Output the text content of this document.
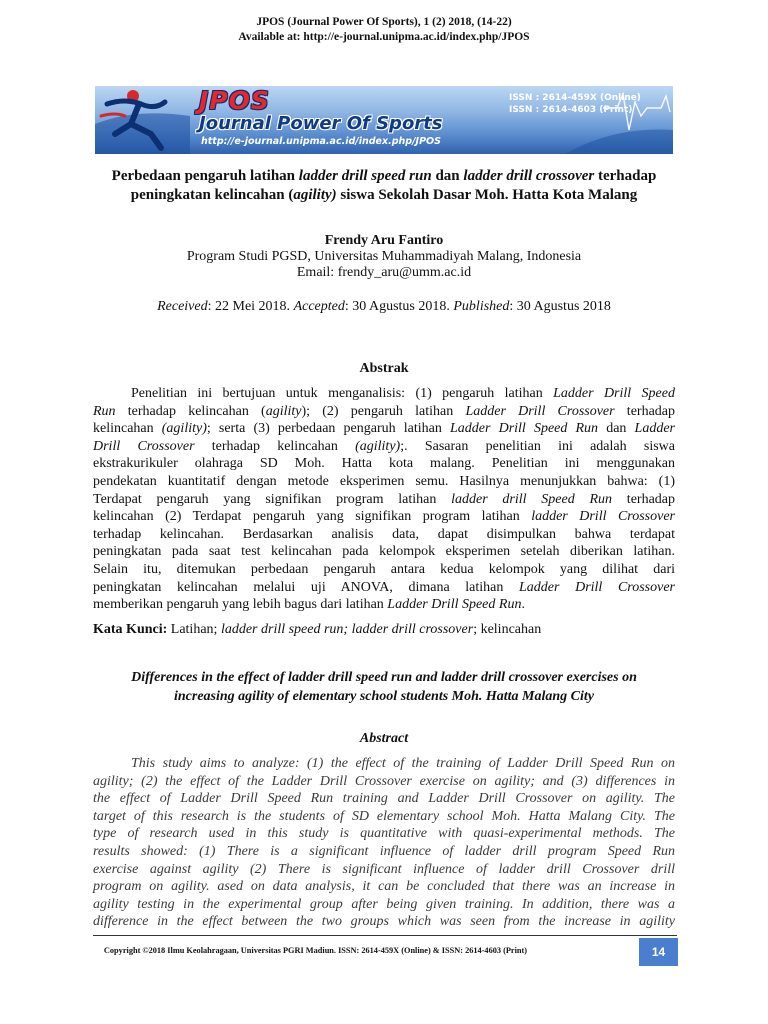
JPOS (Journal Power Of Sports), 1 (2) 2018, (14-22)
Available at: http://e-journal.unipma.ac.id/index.php/JPOS
JPOS
Journal Power Of Sports
http://e-journal.unipma.ac.id/index.php/JPOS
ISSN : 2614-459X (Online)
ISSN : 2614-4603 (Print)
Perbedaan pengaruh latihan ladder drill speed run dan ladder drill crossover terhadap
peningkatan kelincahan (agility) siswa Sekolah Dasar Moh. Hatta Kota Malang
Frendy Aru Fantiro
Program Studi PGSD, Universitas Muhammadiyah Malang, Indonesia
Email: frendy_aru@umm.ac.id
Received: 22 Mei 2018. Accepted: 30 Agustus 2018. Published: 30 Agustus 2018
Abstrak
Penelitian ini bertujuan untuk menganalisis: (1) pengaruh latihan Ladder Drill Speed
Run terhadap kelincahan (agility); (2) pengaruh latihan Ladder Drill Crossover terhadap
kelincahan (agility); serta (3) perbedaan pengaruh latihan Ladder Drill Speed Run dan Ladder
Drill Crossover terhadap kelincahan (agility);. Sasaran penelitian ini adalah siswa
ekstrakurikuler olahraga SD Moh. Hatta kota malang. Penelitian ini menggunakan
pendekatan kuantitatif dengan metode eksperimen semu. Hasilnya menunjukkan bahwa: (1)
Terdapat pengaruh yang signifikan program latihan ladder drill Speed Run terhadap
kelincahan (2) Terdapat pengaruh yang signifikan program latihan ladder Drill Crossover
terhadap kelincahan. Berdasarkan analisis data, dapat disimpulkan bahwa terdapat
peningkatan pada saat test kelincahan pada kelompok eksperimen setelah diberikan latihan.
Selain itu, ditemukan perbedaan pengaruh antara kedua kelompok yang dilihat dari
peningkatan kelincahan melalui uji ANOVA, dimana latihan Ladder Drill Crossover
memberikan pengaruh yang lebih bagus dari latihan Ladder Drill Speed Run.
Kata Kunci: Latihan; ladder drill speed run; ladder drill crossover; kelincahan
Differences in the effect of ladder drill speed run and ladder drill crossover exercises on
increasing agility of elementary school students Moh. Hatta Malang City
Abstract
This study aims to analyze: (1) the effect of the training of Ladder Drill Speed Run on
agility; (2) the effect of the Ladder Drill Crossover exercise on agility; and (3) differences in
the effect of Ladder Drill Speed Run training and Ladder Drill Crossover on agility. The
target of this research is the students of SD elementary school Moh. Hatta Malang City. The
type of research used in this study is quantitative with quasi-experimental methods. The
results showed: (1) There is a significant influence of ladder drill program Speed Run
exercise against agility (2) There is significant influence of ladder drill Crossover drill
program on agility. ased on data analysis, it can be concluded that there was an increase in
agility testing in the experimental group after being given training. In addition, there was a
difference in the effect between the two groups which was seen from the increase in agility
Copyright ©2018 Ilmu Keolahragaan, Universitas PGRI Madiun. ISSN: 2614-459X (Online) & ISSN: 2614-4603 (Print)	14
